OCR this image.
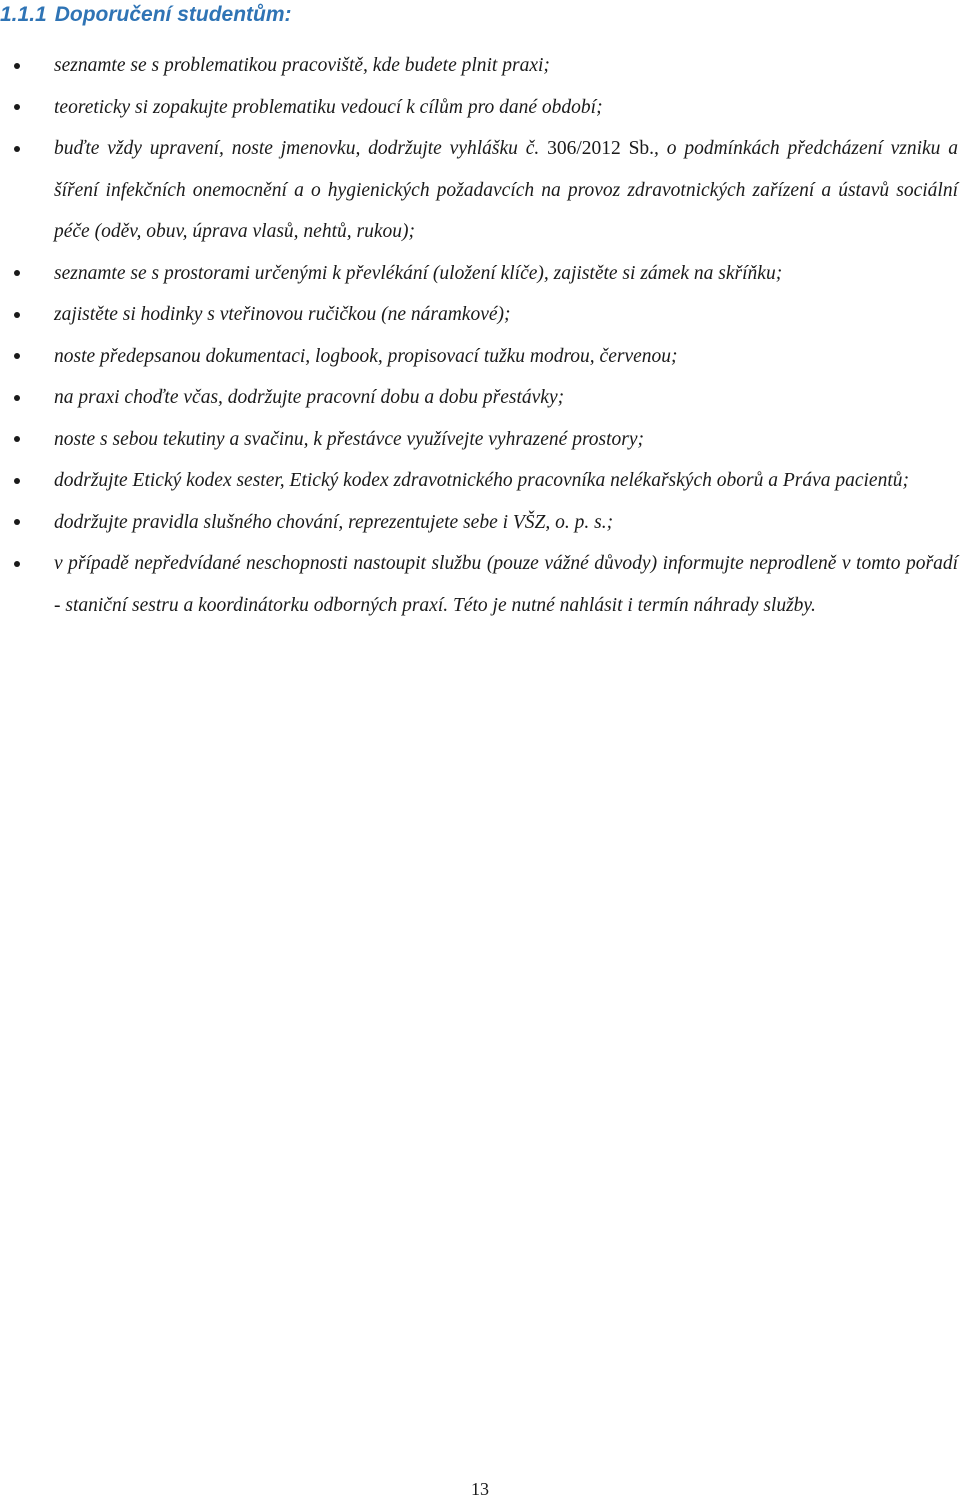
1.1.1 Doporučení studentům:
seznamte se s problematikou pracoviště, kde budete plnit praxi;
teoreticky si zopakujte problematiku vedoucí k cílům pro dané období;
buďte vždy upravení, noste jmenovku, dodržujte vyhlášku č. 306/2012 Sb., o podmínkách předcházení vzniku a šíření infekčních onemocnění a o hygienických požadavcích na provoz zdravotnických zařízení a ústavů sociální péče (oděv, obuv, úprava vlasů, nehtů, rukou);
seznamte se s prostorami určenými k převlékání (uložení klíče), zajistěte si zámek na skříňku;
zajistěte si hodinky s vteřinovou ručičkou (ne náramkové);
noste předepsanou dokumentaci, logbook, propisovací tužku modrou, červenou;
na praxi choďte včas, dodržujte pracovní dobu a dobu přestávky;
noste s sebou tekutiny a svačinu, k přestávce využívejte vyhrazené prostory;
dodržujte Etický kodex sester, Etický kodex zdravotnického pracovníka nelékařských oborů a Práva pacientů;
dodržujte pravidla slušného chování, reprezentujete sebe i VŠZ, o. p. s.;
v případě nepředvídané neschopnosti nastoupit službu (pouze vážné důvody) informujte neprodleně v tomto pořadí - staniční sestru a koordinátorku odborných praxí. Této je nutné nahlásit i termín náhrady služby.
13
